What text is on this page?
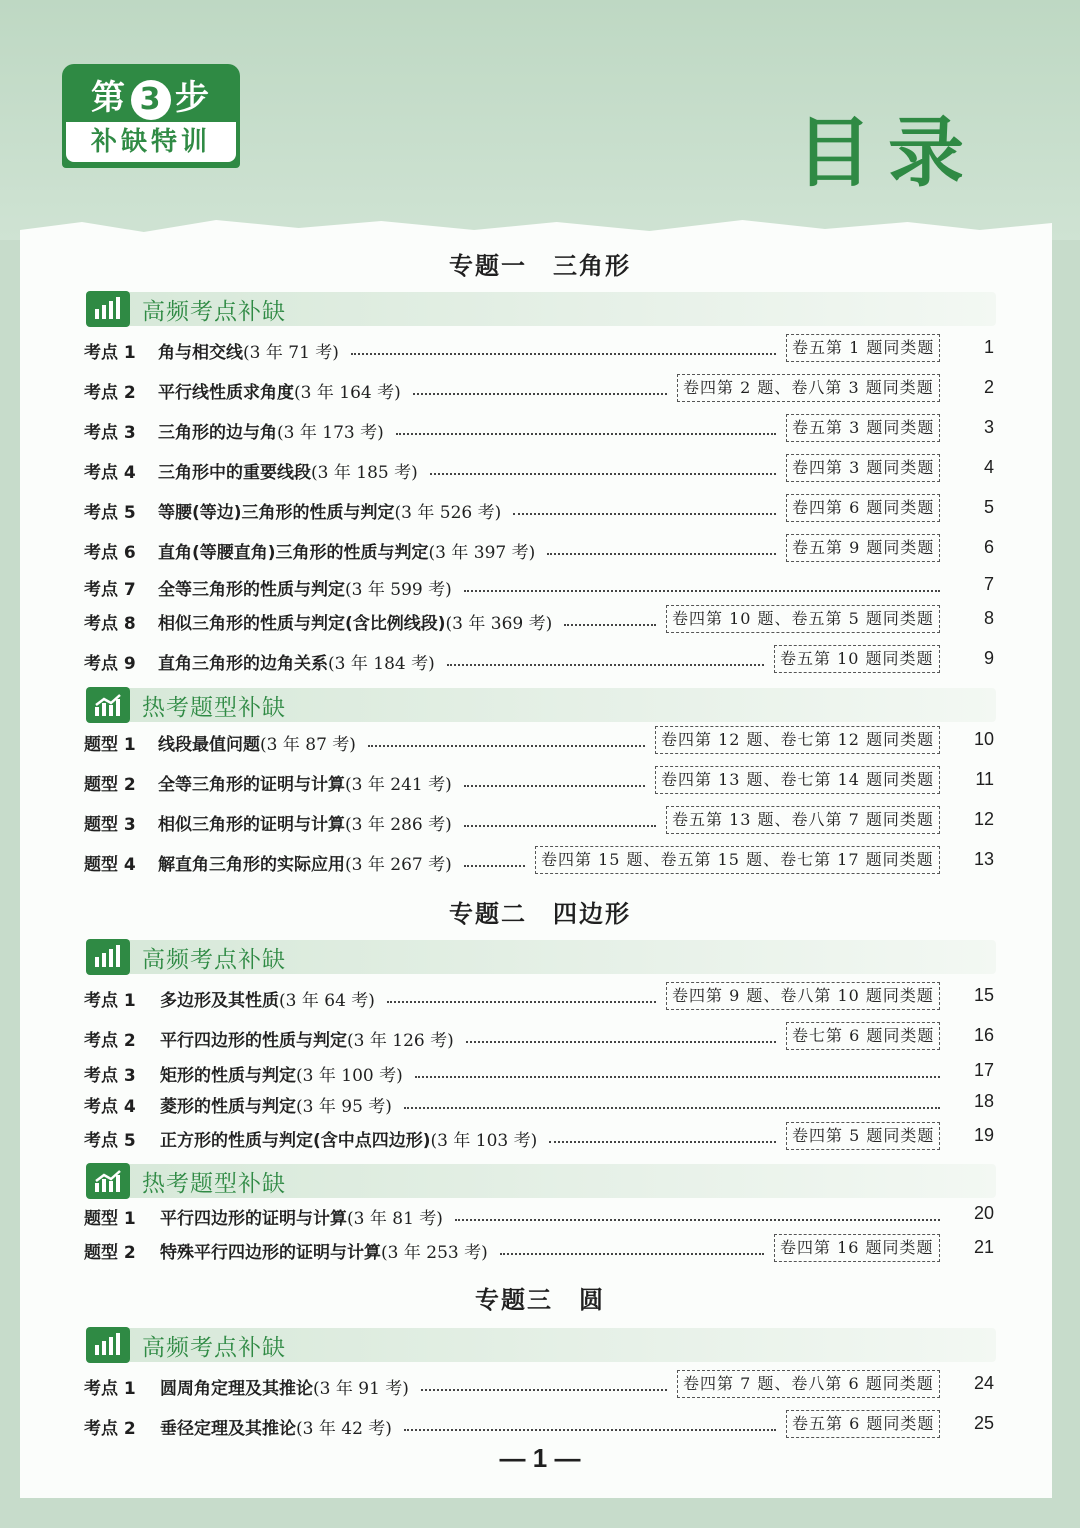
第 3 步
补缺特训	目录
专题一　三角形
高频考点补缺
考点 1 角与相交线(3 年 71 考)	卷五第 1 题同类题	1
考点 2 平行线性质求角度(3 年 164 考)	卷四第 2 题、卷八第 3 题同类题	2
考点 3 三角形的边与角(3 年 173 考)	卷五第 3 题同类题	3
考点 4 三角形中的重要线段(3 年 185 考)	卷四第 3 题同类题	4
考点 5 等腰(等边)三角形的性质与判定(3 年 526 考)	卷四第 6 题同类题	5
考点 6 直角(等腰直角)三角形的性质与判定(3 年 397 考)	卷五第 9 题同类题	6
考点 7 全等三角形的性质与判定(3 年 599 考)	7
考点 8 相似三角形的性质与判定(含比例线段)(3 年 369 考)	卷四第 10 题、卷五第 5 题同类题	8
考点 9 直角三角形的边角关系(3 年 184 考)	卷五第 10 题同类题	9
热考题型补缺
题型 1 线段最值问题(3 年 87 考)	卷四第 12 题、卷七第 12 题同类题	10
题型 2 全等三角形的证明与计算(3 年 241 考)	卷四第 13 题、卷七第 14 题同类题	11
题型 3 相似三角形的证明与计算(3 年 286 考)	卷五第 13 题、卷八第 7 题同类题	12
题型 4 解直角三角形的实际应用(3 年 267 考)	卷四第 15 题、卷五第 15 题、卷七第 17 题同类题	13
专题二　四边形
高频考点补缺
考点 1 多边形及其性质(3 年 64 考)	卷四第 9 题、卷八第 10 题同类题	15
考点 2 平行四边形的性质与判定(3 年 126 考)	卷七第 6 题同类题	16
考点 3 矩形的性质与判定(3 年 100 考)	17
考点 4 菱形的性质与判定(3 年 95 考)	18
考点 5 正方形的性质与判定(含中点四边形)(3 年 103 考)	卷四第 5 题同类题	19
热考题型补缺
题型 1 平行四边形的证明与计算(3 年 81 考)	20
题型 2 特殊平行四边形的证明与计算(3 年 253 考)	卷四第 16 题同类题	21
专题三　圆
高频考点补缺
考点 1 圆周角定理及其推论(3 年 91 考)	卷四第 7 题、卷八第 6 题同类题	24
考点 2 垂径定理及其推论(3 年 42 考)	卷五第 6 题同类题	25
— 1 —
